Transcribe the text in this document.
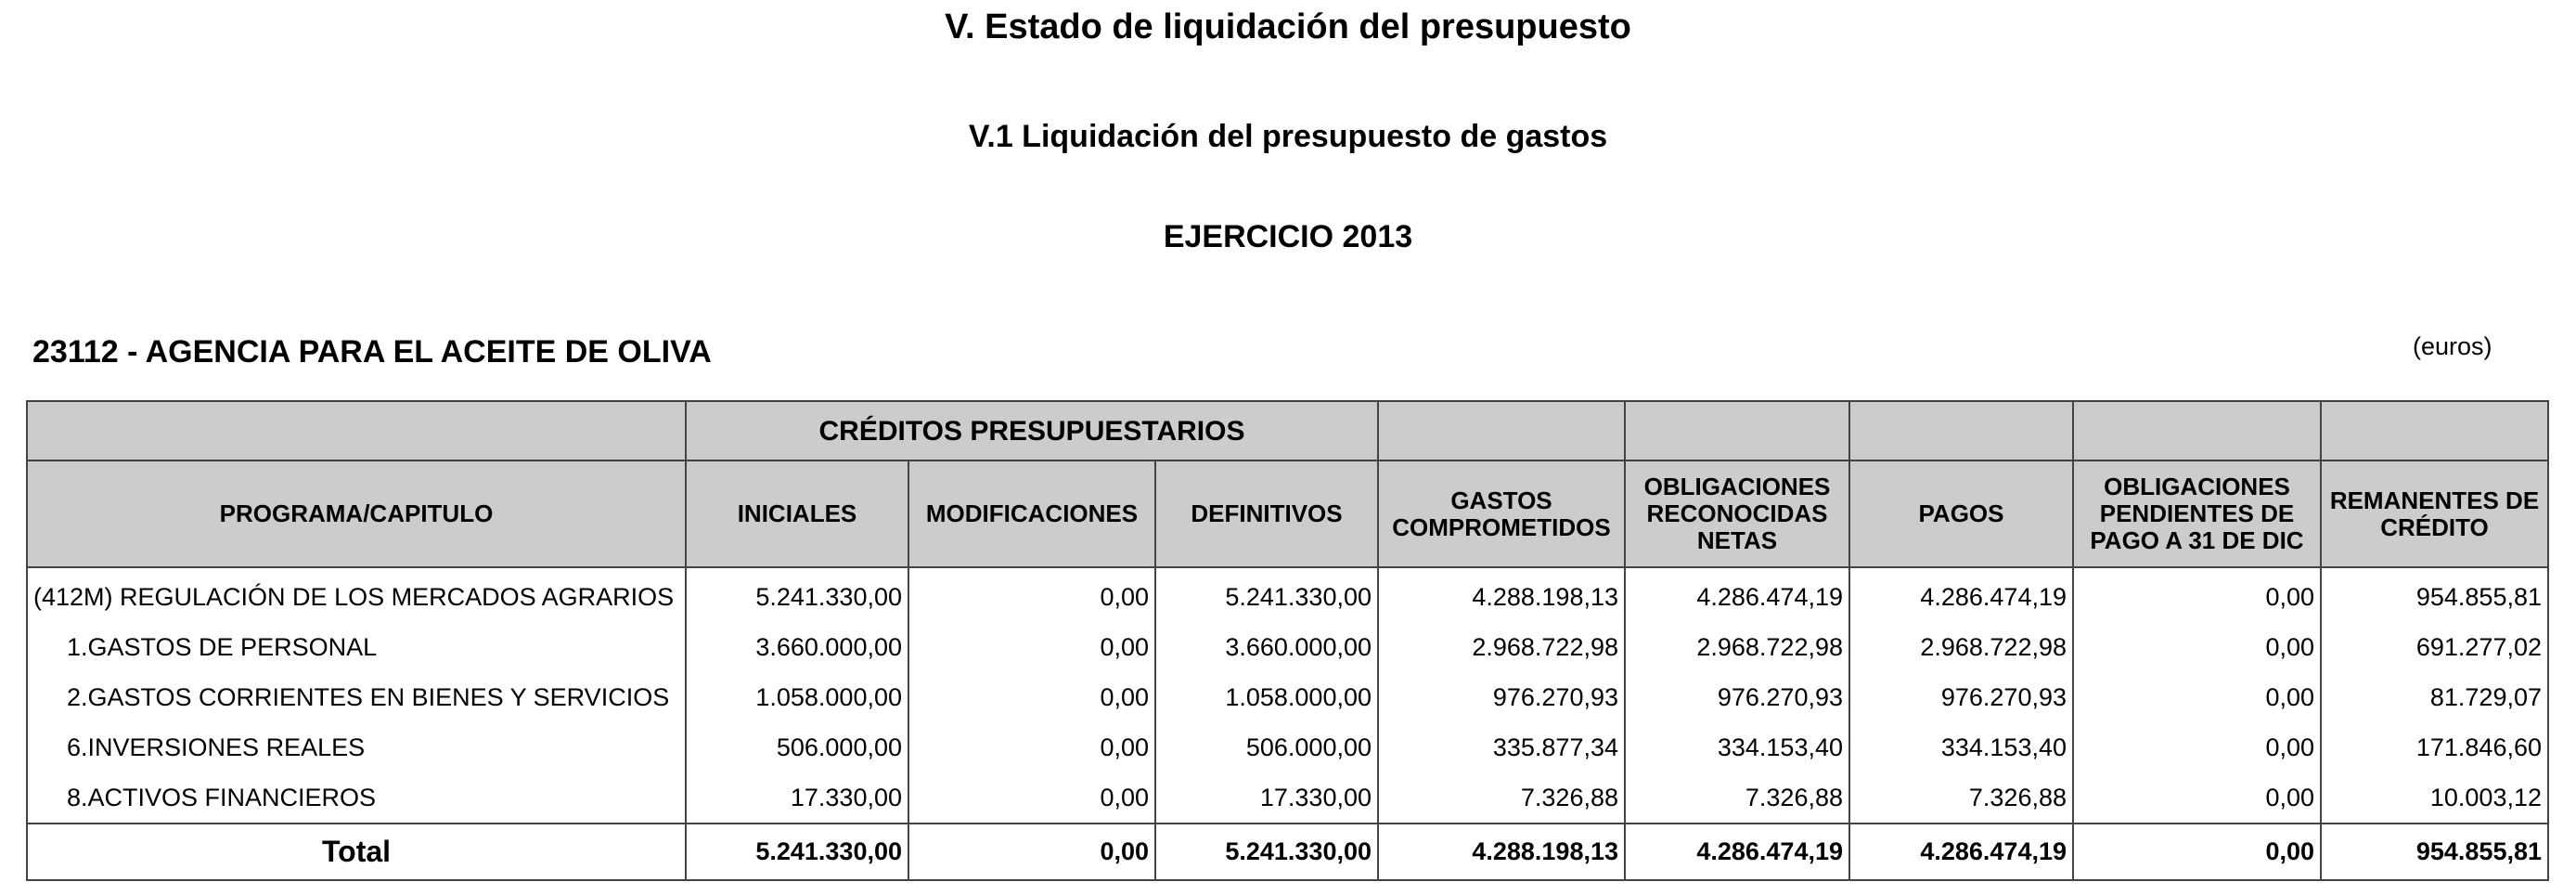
V. Estado de liquidación del presupuesto
V.1 Liquidación del presupuesto de gastos
EJERCICIO 2013
23112 - AGENCIA PARA EL ACEITE DE OLIVA	(euros)
	CRÉDITOS PRESUPUESTARIOS							
PROGRAMA/CAPITULO	INICIALES	MODIFICACIONES	DEFINITIVOS	GASTOS COMPROMETIDOS	OBLIGACIONES RECONOCIDAS NETAS	PAGOS	OBLIGACIONES PENDIENTES DE PAGO A 31 DE DIC	REMANENTES DE CRÉDITO
(412M) REGULACIÓN DE LOS MERCADOS AGRARIOS	5.241.330,00	0,00	5.241.330,00	4.288.198,13	4.286.474,19	4.286.474,19	0,00	954.855,81
1.GASTOS DE PERSONAL	3.660.000,00	0,00	3.660.000,00	2.968.722,98	2.968.722,98	2.968.722,98	0,00	691.277,02
2.GASTOS CORRIENTES EN BIENES Y SERVICIOS	1.058.000,00	0,00	1.058.000,00	976.270,93	976.270,93	976.270,93	0,00	81.729,07
6.INVERSIONES REALES	506.000,00	0,00	506.000,00	335.877,34	334.153,40	334.153,40	0,00	171.846,60
8.ACTIVOS FINANCIEROS	17.330,00	0,00	17.330,00	7.326,88	7.326,88	7.326,88	0,00	10.003,12
Total	5.241.330,00	0,00	5.241.330,00	4.288.198,13	4.286.474,19	4.286.474,19	0,00	954.855,81
